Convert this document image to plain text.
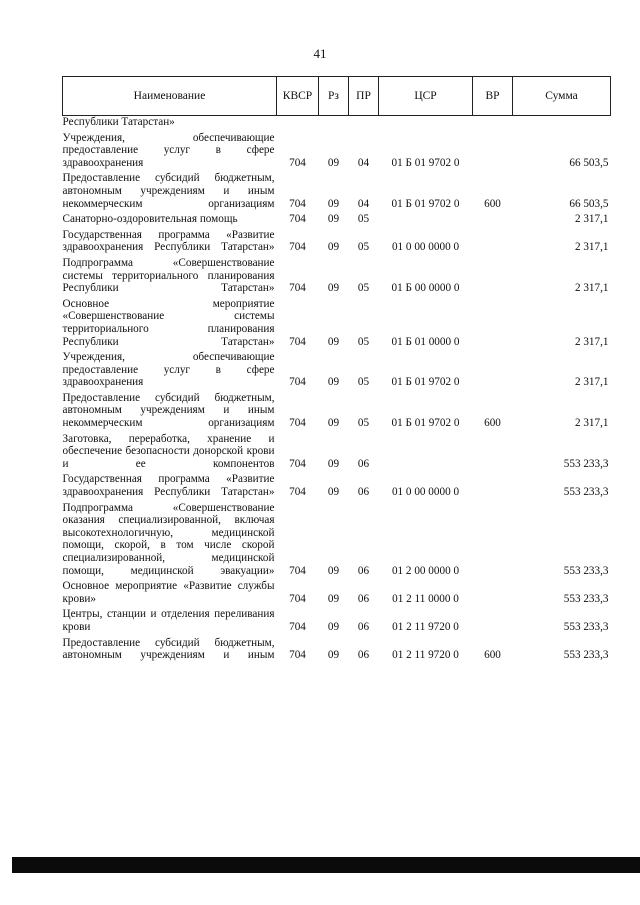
41
Наименование	КВСР	Рз	ПР	ЦСР	ВР	Сумма
Республики Татарстан»						
Учреждения, обеспечивающие предоставление услуг в сфере здравоохранения	704	09	04	01 Б 01 9702 0		66 503,5
Предоставление субсидий бюджетным, автономным учреждениям и иным некоммерческим организациям	704	09	04	01 Б 01 9702 0	600	66 503,5
Санаторно-оздоровительная помощь	704	09	05			2 317,1
Государственная программа «Развитие здравоохранения Республики Татарстан»	704	09	05	01 0 00 0000 0		2 317,1
Подпрограмма «Совершенствование системы территориального планирования Республики Татарстан»	704	09	05	01 Б 00 0000 0		2 317,1
Основное мероприятие «Совершенствование системы территориального планирования Республики Татарстан»	704	09	05	01 Б 01 0000 0		2 317,1
Учреждения, обеспечивающие предоставление услуг в сфере здравоохранения	704	09	05	01 Б 01 9702 0		2 317,1
Предоставление субсидий бюджетным, автономным учреждениям и иным некоммерческим организациям	704	09	05	01 Б 01 9702 0	600	2 317,1
Заготовка, переработка, хранение и обеспечение безопасности донорской крови и ее компонентов	704	09	06			553 233,3
Государственная программа «Развитие здравоохранения Республики Татарстан»	704	09	06	01 0 00 0000 0		553 233,3
Подпрограмма «Совершенствование оказания специализированной, включая высокотехнологичную, медицинской помощи, скорой, в том числе скорой специализированной, медицинской помощи, медицинской эвакуации»	704	09	06	01 2 00 0000 0		553 233,3
Основное мероприятие «Развитие службы крови»	704	09	06	01 2 11 0000 0		553 233,3
Центры, станции и отделения переливания крови	704	09	06	01 2 11 9720 0		553 233,3
Предоставление субсидий бюджетным, автономным учреждениям и иным	704	09	06	01 2 11 9720 0	600	553 233,3
